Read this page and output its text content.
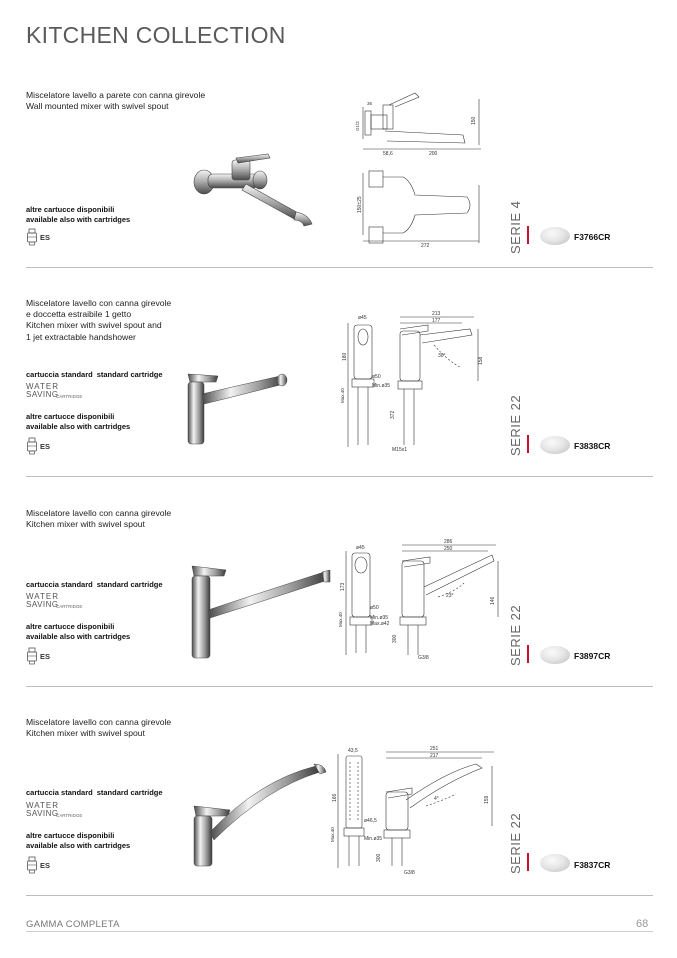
KITCHEN COLLECTION
Miscelatore lavello a parete con canna girevole
Wall mounted mixer with swivel spout
altre cartucce disponibili
available also with cartridges
ES
150
58,6	200
150±25
272
G1/2
36
SERIE 4	F3766CR
Miscelatore lavello con canna girevole
e doccetta estraibile 1 getto
Kitchen mixer with swivel spout and
1 jet extractable handshower
cartuccia standard standard cartridge
WATER
SAVING
CARTRIDGE
altre cartucce disponibili
available also with cartridges
ES
ø45
213
177
180	158
ø50
Min.ø35
Max.40
372
M15x1
30°
SERIE 22	F3838CR
Miscelatore lavello con canna girevole
Kitchen mixer with swivel spout
cartuccia standard standard cartridge
WATER
SAVING
CARTRIDGE
altre cartucce disponibili
available also with cartridges
ES
ø45
286
250
173
146
ø50
Min.ø35
Max.ø42
Max.40
300
G3/8
23°
SERIE 22	F3897CR
Miscelatore lavello con canna girevole
Kitchen mixer with swivel spout
cartuccia standard standard cartridge
WATER
SAVING
CARTRIDGE
altre cartucce disponibili
available also with cartridges
ES
43,5	251
217
166	159
ø46,5
Min.ø35
Max.40
300
G3/8
4°
SERIE 22	F3837CR
GAMMA COMPLETA	68
